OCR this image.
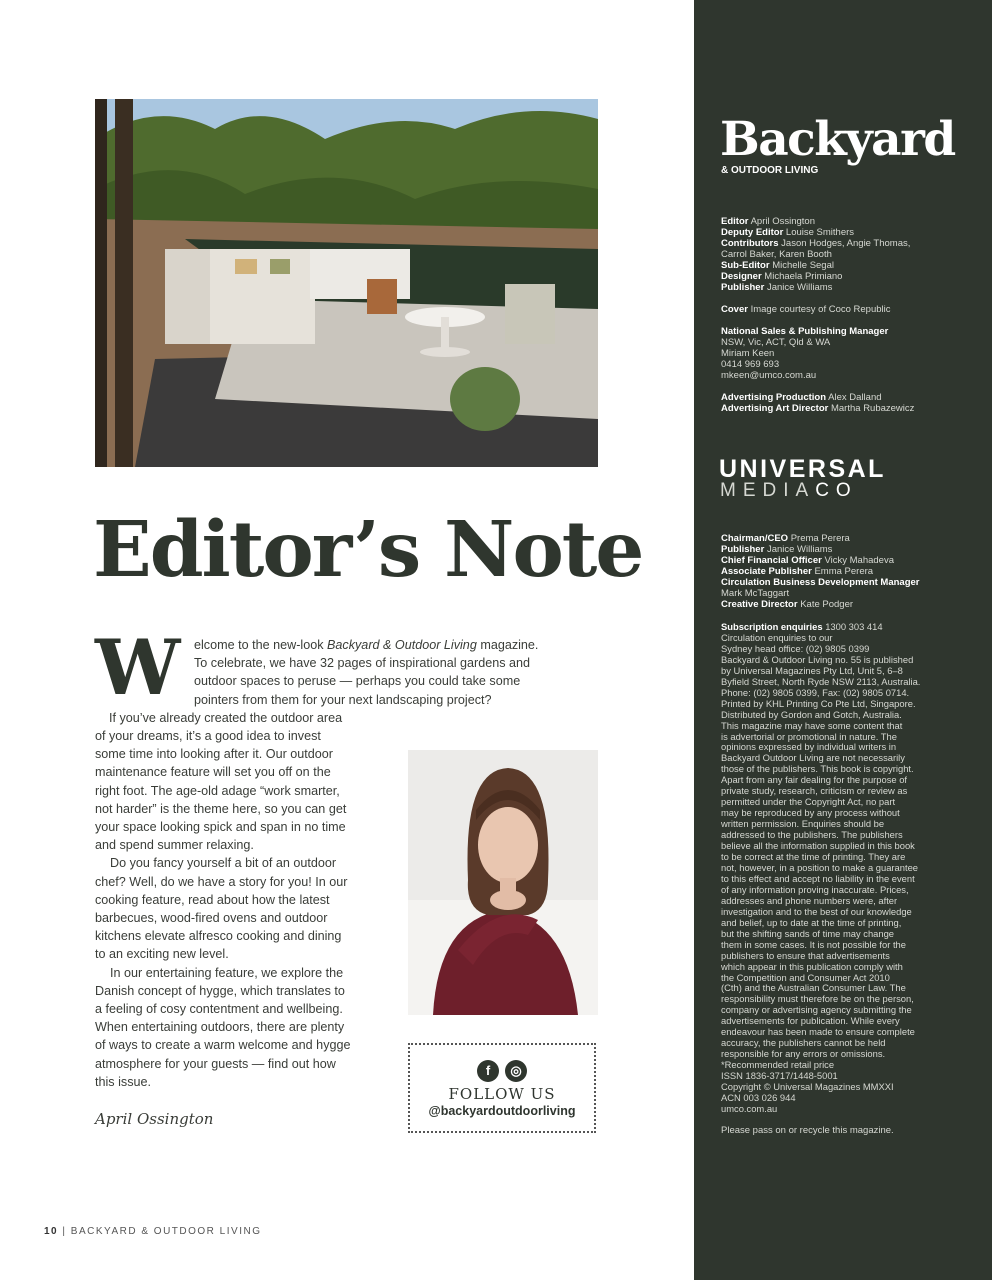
Editor’s Note
W elcome to the new-look Backyard & Outdoor Living magazine.
To celebrate, we have 32 pages of inspirational gardens and
outdoor spaces to peruse — perhaps you could take some
pointers from them for your next landscaping project?
If you’ve already created the outdoor area
of your dreams, it’s a good idea to invest
some time into looking after it. Our outdoor
maintenance feature will set you off on the
right foot. The age-old adage “work smarter,
not harder” is the theme here, so you can get
your space looking spick and span in no time
and spend summer relaxing.
Do you fancy yourself a bit of an outdoor
chef? Well, do we have a story for you! In our
cooking feature, read about how the latest
barbecues, wood-fired ovens and outdoor
kitchens elevate alfresco cooking and dining
to an exciting new level.
In our entertaining feature, we explore the
Danish concept of hygge, which translates to
a feeling of cosy contentment and wellbeing.
When entertaining outdoors, there are plenty
of ways to create a warm welcome and hygge
atmosphere for your guests — find out how
this issue.
April Ossington
f	◎
FOLLOW US
@backyardoutdoorliving
10 | BACKYARD & OUTDOOR LIVING
Backyard
& OUTDOOR LIVING
Editor April Ossington
Deputy Editor Louise Smithers
Contributors Jason Hodges, Angie Thomas,
Carrol Baker, Karen Booth
Sub-Editor Michelle Segal
Designer Michaela Primiano
Publisher Janice Williams
Cover Image courtesy of Coco Republic
National Sales & Publishing Manager
NSW, Vic, ACT, Qld & WA
Miriam Keen
0414 969 693
mkeen@umco.com.au
Advertising Production Alex Dalland
Advertising Art Director Martha Rubazewicz
UNIVERSAL
MEDIACO
Chairman/CEO Prema Perera
Publisher Janice Williams
Chief Financial Officer Vicky Mahadeva
Associate Publisher Emma Perera
Circulation Business Development Manager
Mark McTaggart
Creative Director Kate Podger
Subscription enquiries 1300 303 414
Circulation enquiries to our
Sydney head office: (02) 9805 0399
Backyard & Outdoor Living no. 55 is published
by Universal Magazines Pty Ltd, Unit 5, 6–8
Byfield Street, North Ryde NSW 2113, Australia.
Phone: (02) 9805 0399, Fax: (02) 9805 0714.
Printed by KHL Printing Co Pte Ltd, Singapore.
Distributed by Gordon and Gotch, Australia.
This magazine may have some content that
is advertorial or promotional in nature. The
opinions expressed by individual writers in
Backyard Outdoor Living are not necessarily
those of the publishers. This book is copyright.
Apart from any fair dealing for the purpose of
private study, research, criticism or review as
permitted under the Copyright Act, no part
may be reproduced by any process without
written permission. Enquiries should be
addressed to the publishers. The publishers
believe all the information supplied in this book
to be correct at the time of printing. They are
not, however, in a position to make a guarantee
to this effect and accept no liability in the event
of any information proving inaccurate. Prices,
addresses and phone numbers were, after
investigation and to the best of our knowledge
and belief, up to date at the time of printing,
but the shifting sands of time may change
them in some cases. It is not possible for the
publishers to ensure that advertisements
which appear in this publication comply with
the Competition and Consumer Act 2010
(Cth) and the Australian Consumer Law. The
responsibility must therefore be on the person,
company or advertising agency submitting the
advertisements for publication. While every
endeavour has been made to ensure complete
accuracy, the publishers cannot be held
responsible for any errors or omissions.
*Recommended retail price
ISSN 1836-3717/1448-5001
Copyright © Universal Magazines MMXXI
ACN 003 026 944
umco.com.au
Please pass on or recycle this magazine.
